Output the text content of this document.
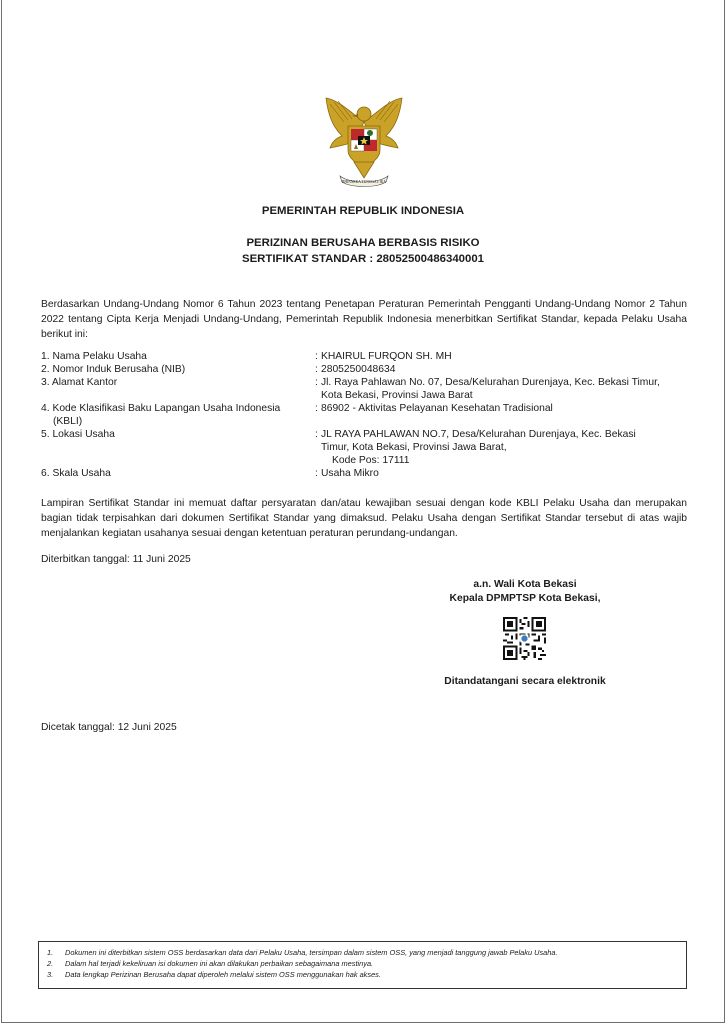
BHINNEKA TUNGGAL IKA
PEMERINTAH REPUBLIK INDONESIA
PERIZINAN BERUSAHA BERBASIS RISIKO
SERTIFIKAT STANDAR : 28052500486340001
Berdasarkan Undang-Undang Nomor 6 Tahun 2023 tentang Penetapan Peraturan Pemerintah Pengganti Undang-Undang Nomor 2 Tahun 2022 tentang Cipta Kerja Menjadi Undang-Undang, Pemerintah Republik Indonesia menerbitkan Sertifikat Standar, kepada Pelaku Usaha berikut ini:
1. Nama Pelaku Usaha	: KHAIRUL FURQON SH. MH
2. Nomor Induk Berusaha (NIB)	: 2805250048634
3. Alamat Kantor	: Jl. Raya Pahlawan No. 07, Desa/Kelurahan Durenjaya, Kec. Bekasi Timur,
Kota Bekasi, Provinsi Jawa Barat
4. Kode Klasifikasi Baku Lapangan Usaha Indonesia
(KBLI)
: 86902 - Aktivitas Pelayanan Kesehatan Tradisional
5. Lokasi Usaha	: JL RAYA PAHLAWAN NO.7, Desa/Kelurahan Durenjaya, Kec. Bekasi
Timur, Kota Bekasi, Provinsi Jawa Barat,
Kode Pos: 17111
6. Skala Usaha	: Usaha Mikro
Lampiran Sertifikat Standar ini memuat daftar persyaratan dan/atau kewajiban sesuai dengan kode KBLI Pelaku Usaha dan merupakan bagian tidak terpisahkan dari dokumen Sertifikat Standar yang dimaksud. Pelaku Usaha dengan Sertifikat Standar tersebut di atas wajib menjalankan kegiatan usahanya sesuai dengan ketentuan peraturan perundang-undangan.
Diterbitkan tanggal: 11 Juni 2025
a.n. Wali Kota Bekasi
Kepala DPMPTSP Kota Bekasi,
Ditandatangani secara elektronik
Dicetak tanggal: 12 Juni 2025
1.	Dokumen ini diterbitkan sistem OSS berdasarkan data dari Pelaku Usaha, tersimpan dalam sistem OSS, yang menjadi tanggung jawab Pelaku Usaha.
2.	Dalam hal terjadi kekeliruan isi dokumen ini akan dilakukan perbaikan sebagaimana mestinya.
3.	Data lengkap Perizinan Berusaha dapat diperoleh melalui sistem OSS menggunakan hak akses.
